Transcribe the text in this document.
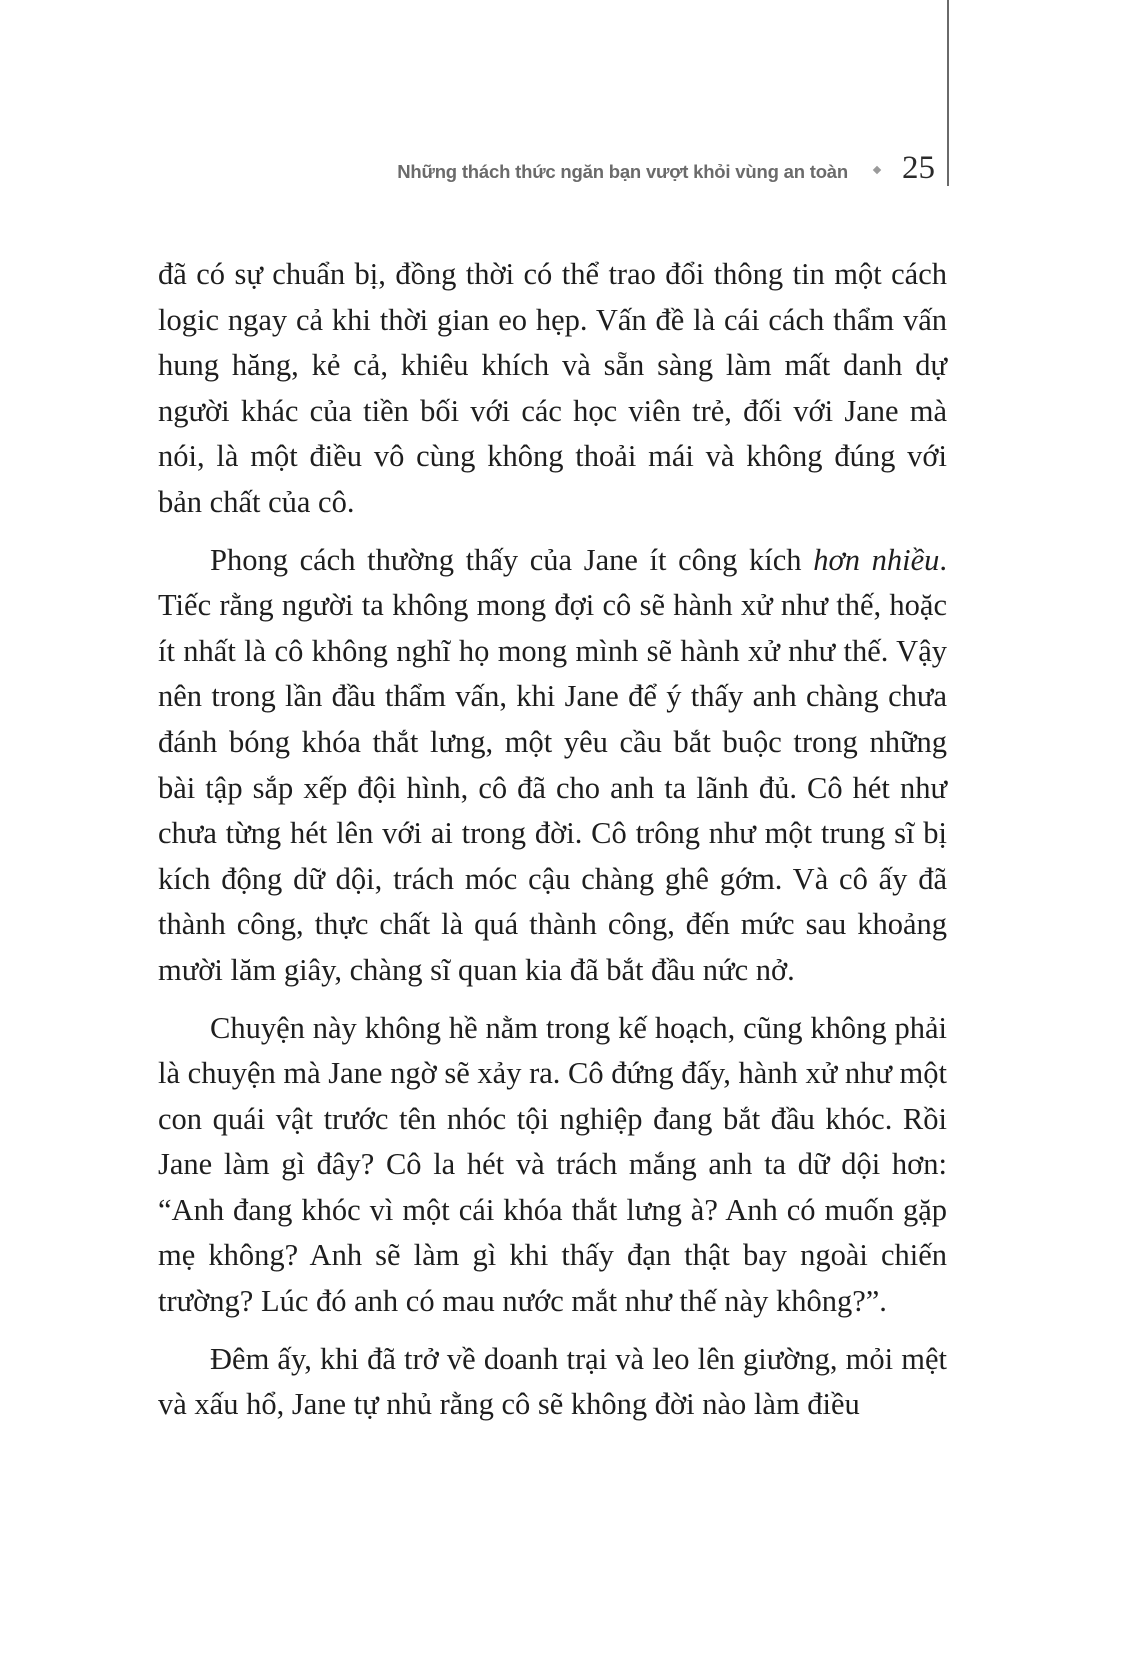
Những thách thức ngăn bạn vượt khỏi vùng an toàn 25

đã có sự chuẩn bị, đồng thời có thể trao đổi thông tin một cách logic ngay cả khi thời gian eo hẹp. Vấn đề là cái cách thẩm vấn hung hăng, kẻ cả, khiêu khích và sẵn sàng làm mất danh dự người khác của tiền bối với các học viên trẻ, đối với Jane mà nói, là một điều vô cùng không thoải mái và không đúng với bản chất của cô.

Phong cách thường thấy của Jane ít công kích hơn nhiều. Tiếc rằng người ta không mong đợi cô sẽ hành xử như thế, hoặc ít nhất là cô không nghĩ họ mong mình sẽ hành xử như thế. Vậy nên trong lần đầu thẩm vấn, khi Jane để ý thấy anh chàng chưa đánh bóng khóa thắt lưng, một yêu cầu bắt buộc trong những bài tập sắp xếp đội hình, cô đã cho anh ta lãnh đủ. Cô hét như chưa từng hét lên với ai trong đời. Cô trông như một trung sĩ bị kích động dữ dội, trách móc cậu chàng ghê gớm. Và cô ấy đã thành công, thực chất là quá thành công, đến mức sau khoảng mười lăm giây, chàng sĩ quan kia đã bắt đầu nức nở.

Chuyện này không hề nằm trong kế hoạch, cũng không phải là chuyện mà Jane ngờ sẽ xảy ra. Cô đứng đấy, hành xử như một con quái vật trước tên nhóc tội nghiệp đang bắt đầu khóc. Rồi Jane làm gì đây? Cô la hét và trách mắng anh ta dữ dội hơn: “Anh đang khóc vì một cái khóa thắt lưng à? Anh có muốn gặp mẹ không? Anh sẽ làm gì khi thấy đạn thật bay ngoài chiến trường? Lúc đó anh có mau nước mắt như thế này không?”.

Đêm ấy, khi đã trở về doanh trại và leo lên giường, mỏi mệt và xấu hổ, Jane tự nhủ rằng cô sẽ không đời nào làm điều
